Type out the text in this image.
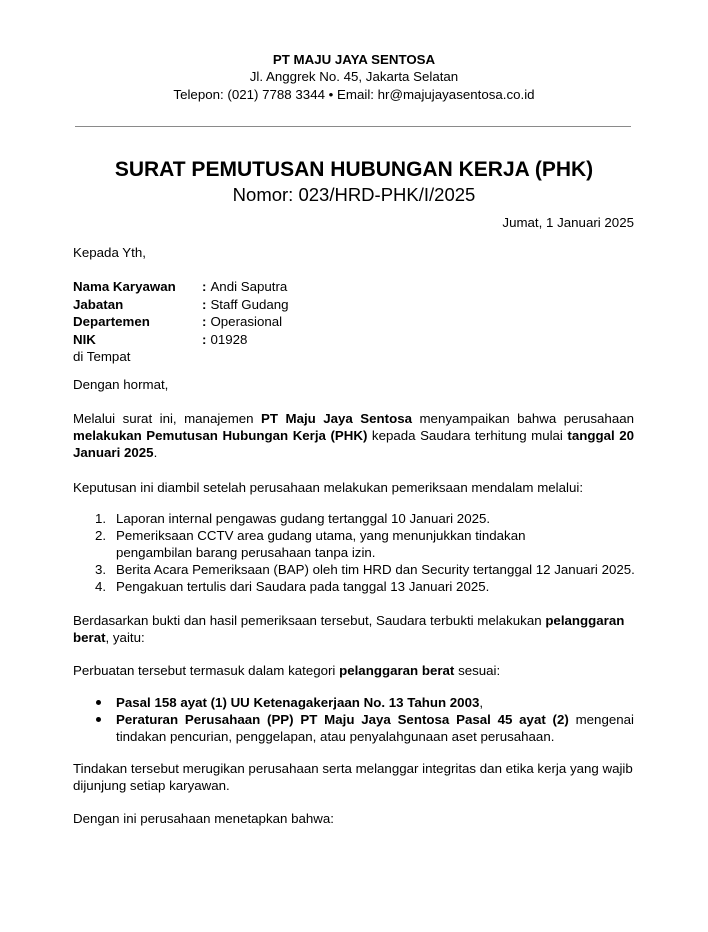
PT MAJU JAYA SENTOSA
Jl. Anggrek No. 45, Jakarta Selatan
Telepon: (021) 7788 3344 • Email: hr@majujayasentosa.co.id
SURAT PEMUTUSAN HUBUNGAN KERJA (PHK)
Nomor: 023/HRD-PHK/I/2025
Jumat, 1 Januari 2025
Kepada Yth,
Nama Karyawan	: Andi Saputra
Jabatan	: Staff Gudang
Departemen	: Operasional
NIK	: 01928
di Tempat
Dengan hormat,
Melalui surat ini, manajemen PT Maju Jaya Sentosa menyampaikan bahwa perusahaan melakukan Pemutusan Hubungan Kerja (PHK) kepada Saudara terhitung mulai tanggal 20 Januari 2025.
Keputusan ini diambil setelah perusahaan melakukan pemeriksaan mendalam melalui:
1. Laporan internal pengawas gudang tertanggal 10 Januari 2025.
2. Pemeriksaan CCTV area gudang utama, yang menunjukkan tindakan pengambilan barang perusahaan tanpa izin.
3. Berita Acara Pemeriksaan (BAP) oleh tim HRD dan Security tertanggal 12 Januari 2025.
4. Pengakuan tertulis dari Saudara pada tanggal 13 Januari 2025.
Berdasarkan bukti dan hasil pemeriksaan tersebut, Saudara terbukti melakukan pelanggaran berat, yaitu:
Perbuatan tersebut termasuk dalam kategori pelanggaran berat sesuai:
Pasal 158 ayat (1) UU Ketenagakerjaan No. 13 Tahun 2003,
Peraturan Perusahaan (PP) PT Maju Jaya Sentosa Pasal 45 ayat (2) mengenai tindakan pencurian, penggelapan, atau penyalahgunaan aset perusahaan.
Tindakan tersebut merugikan perusahaan serta melanggar integritas dan etika kerja yang wajib dijunjung setiap karyawan.
Dengan ini perusahaan menetapkan bahwa:
